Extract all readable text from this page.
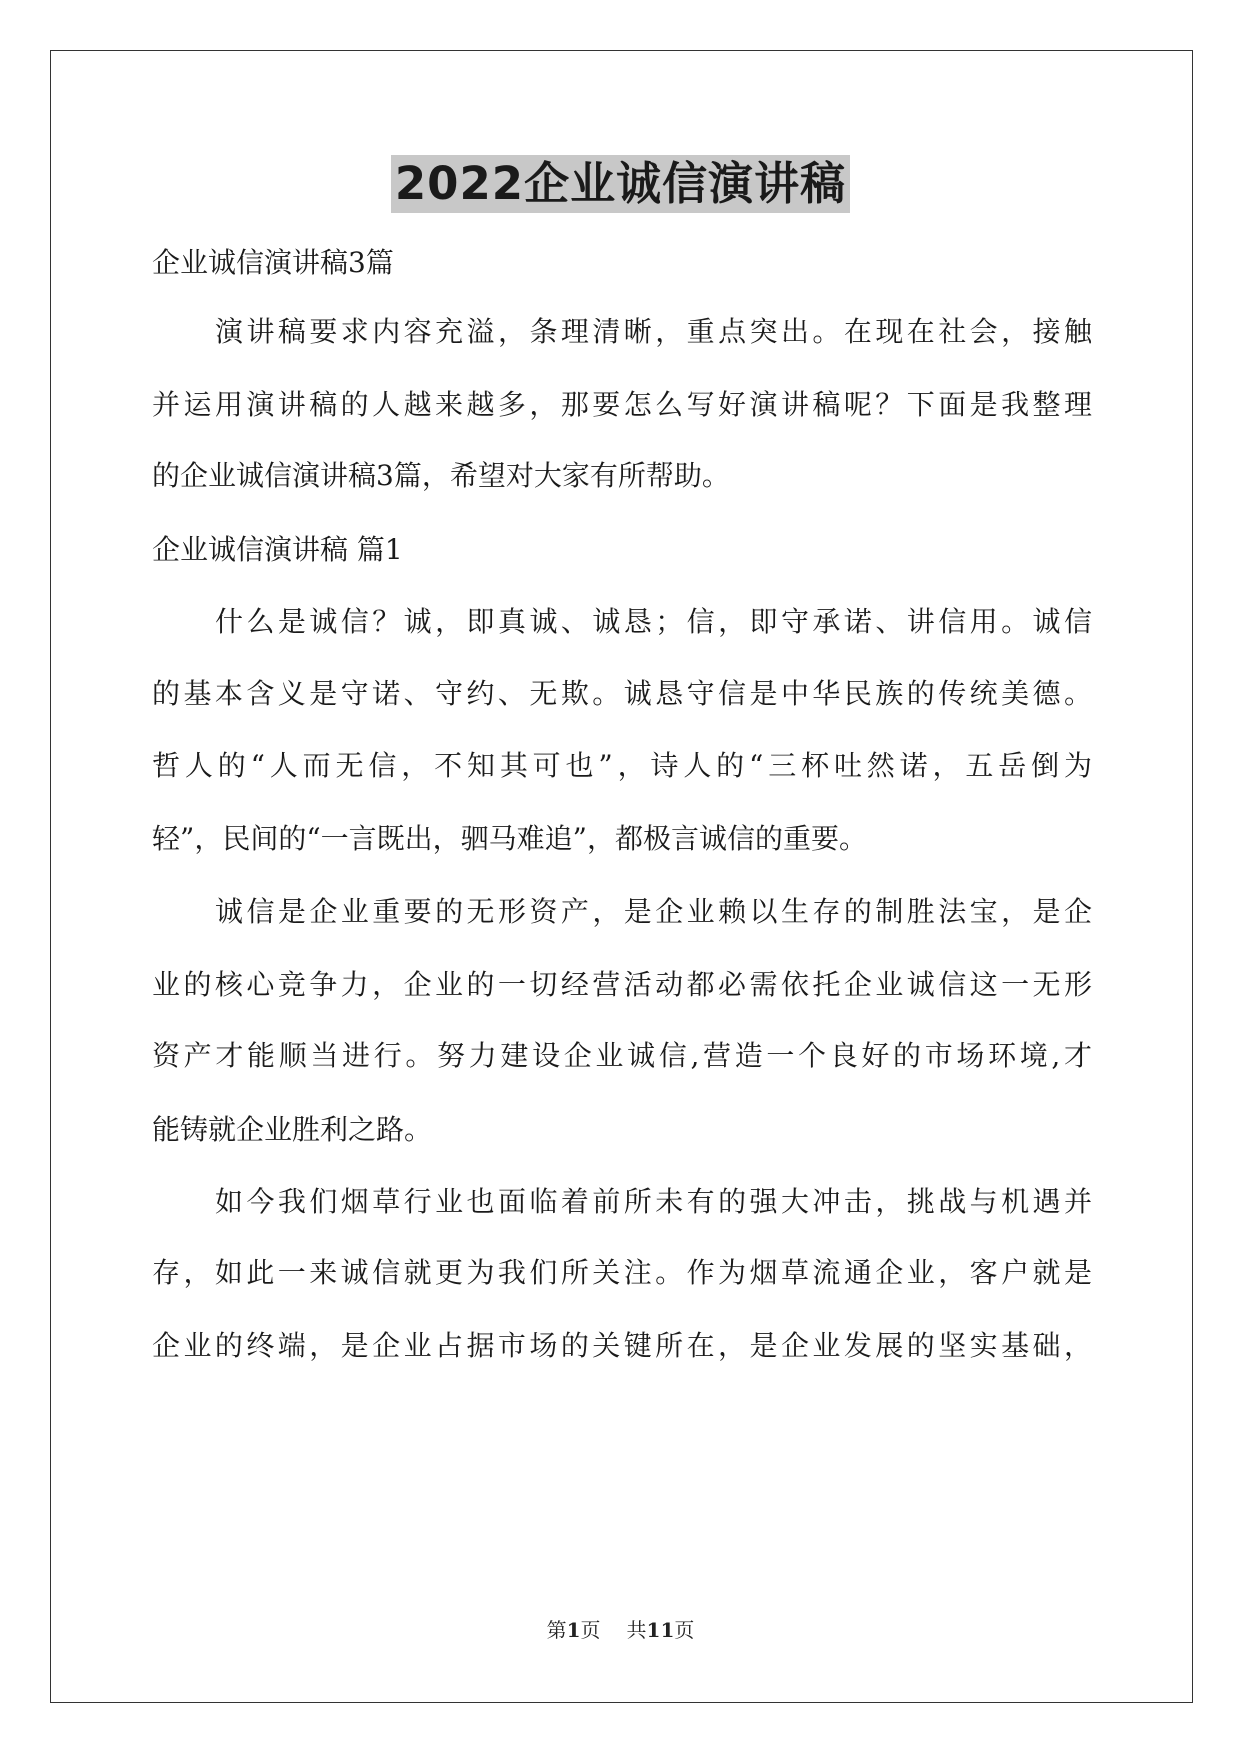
2022企业诚信演讲稿
企业诚信演讲稿3篇
演讲稿要求内容充溢，条理清晰，重点突出。在现在社会，接触
并运用演讲稿的人越来越多，那要怎么写好演讲稿呢？下面是我整理
的企业诚信演讲稿3篇，希望对大家有所帮助。
企业诚信演讲稿 篇1
什么是诚信？诚，即真诚、诚恳；信，即守承诺、讲信用。诚信
的基本含义是守诺、守约、无欺。诚恳守信是中华民族的传统美德。
哲人的“人而无信，不知其可也”，诗人的“三杯吐然诺，五岳倒为
轻”，民间的“一言既出，驷马难追”，都极言诚信的重要。
诚信是企业重要的无形资产，是企业赖以生存的制胜法宝，是企
业的核心竞争力，企业的一切经营活动都必需依托企业诚信这一无形
资产才能顺当进行。努力建设企业诚信,营造一个良好的市场环境,才
能铸就企业胜利之路。
如今我们烟草行业也面临着前所未有的强大冲击，挑战与机遇并
存，如此一来诚信就更为我们所关注。作为烟草流通企业，客户就是
企业的终端，是企业占据市场的关键所在，是企业发展的坚实基础，
第1页 共11页
